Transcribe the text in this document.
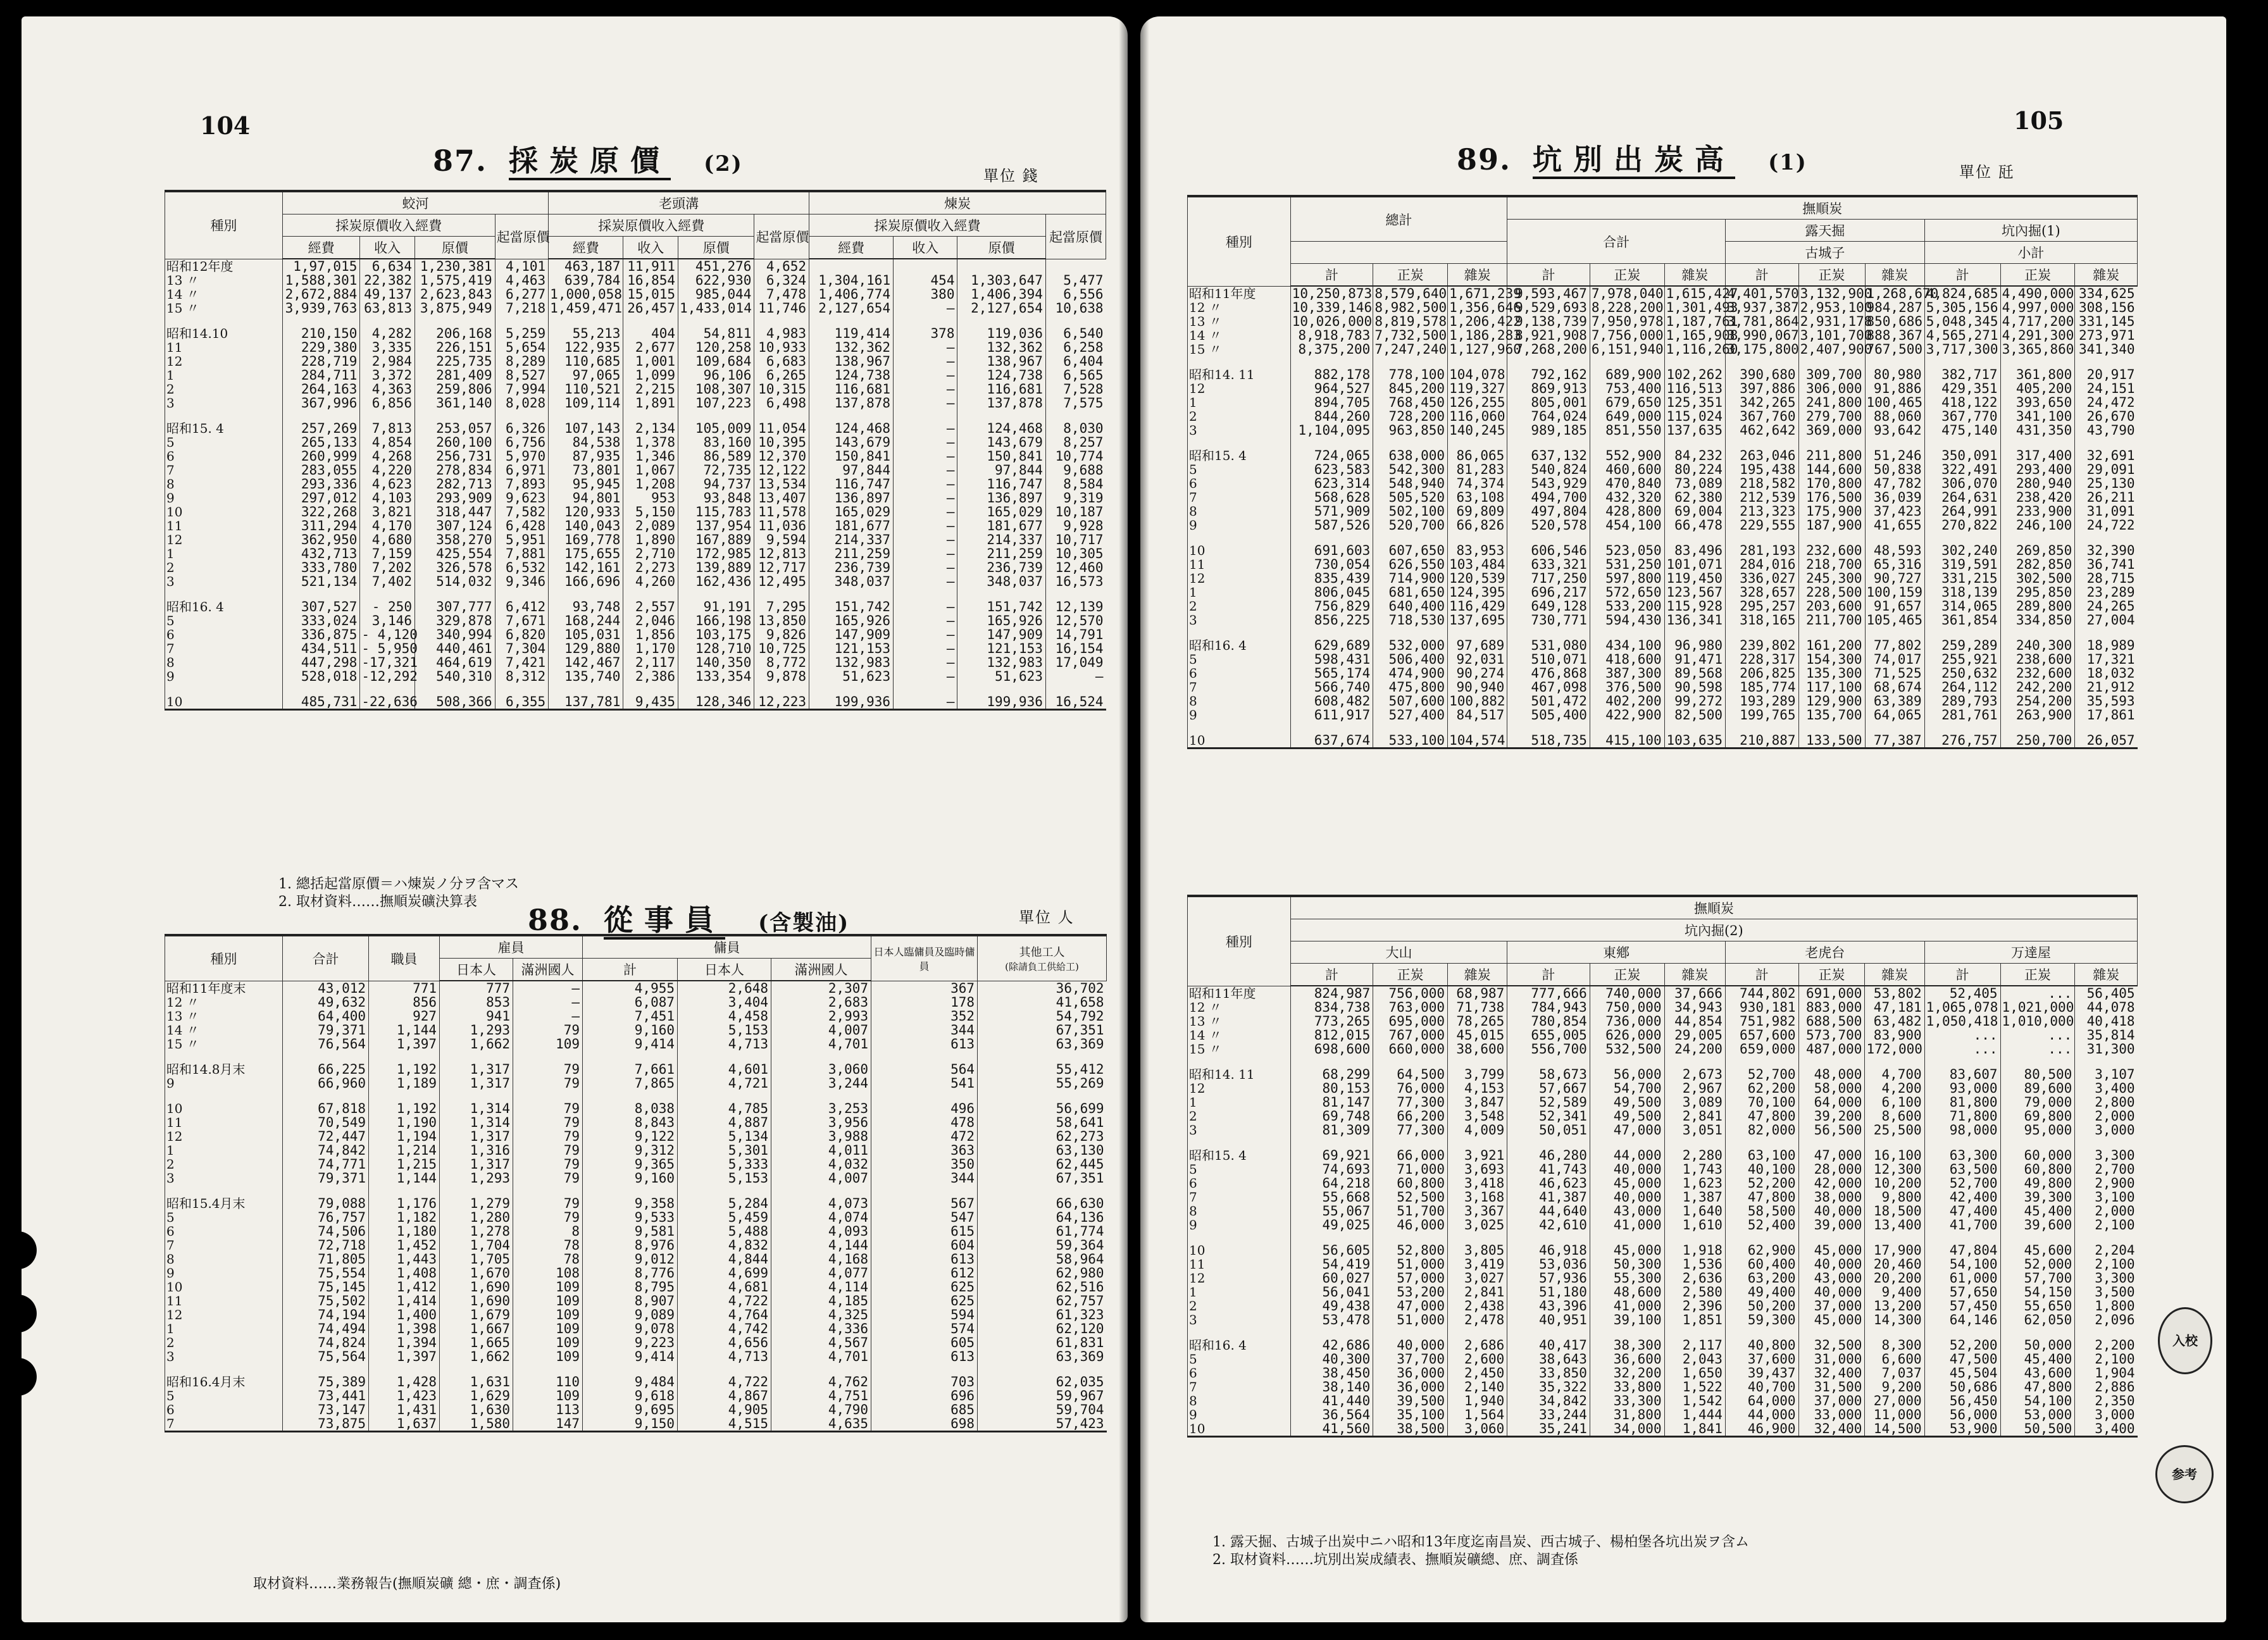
104
87. 採炭原價 (2)	單位 錢
種別	蛟河				老頭溝				煉炭			
	採炭原價收入經費			起當原價	採炭原價收入經費			起當原價	採炭原價收入經費			起當原價
	經費	收入	原價		經費	收入	原價		經費	收入	原價	
昭和12年度	1,97,015	6,634	1,230,381	4,101	463,187	11,911	451,276	4,652				
13 〃	1,588,301	22,382	1,575,419	4,463	639,784	16,854	622,930	6,324	1,304,161	454	1,303,647	5,477
14 〃	2,672,884	49,137	2,623,843	6,277	1,000,058	15,015	985,044	7,478	1,406,774	380	1,406,394	6,556
15 〃	3,939,763	63,813	3,875,949	7,218	1,459,471	26,457	1,433,014	11,746	2,127,654	—	2,127,654	10,638
昭和14.10	210,150	4,282	206,168	5,259	55,213	404	54,811	4,983	119,414	378	119,036	6,540
11	229,380	3,335	226,151	5,654	122,935	2,677	120,258	10,933	132,362	—	132,362	6,258
12	228,719	2,984	225,735	8,289	110,685	1,001	109,684	6,683	138,967	—	138,967	6,404
1	284,711	3,372	281,409	8,527	97,065	1,099	96,106	6,265	124,738	—	124,738	6,565
2	264,163	4,363	259,806	7,994	110,521	2,215	108,307	10,315	116,681	—	116,681	7,528
3	367,996	6,856	361,140	8,028	109,114	1,891	107,223	6,498	137,878	—	137,878	7,575
昭和15. 4	257,269	7,813	253,057	6,326	107,143	2,134	105,009	11,054	124,468	—	124,468	8,030
5	265,133	4,854	260,100	6,756	84,538	1,378	83,160	10,395	143,679	—	143,679	8,257
6	260,999	4,268	256,731	5,970	87,935	1,346	86,589	12,370	150,841	—	150,841	10,774
7	283,055	4,220	278,834	6,971	73,801	1,067	72,735	12,122	97,844	—	97,844	9,688
8	293,336	4,623	282,713	7,893	95,945	1,208	94,737	13,534	116,747	—	116,747	8,584
9	297,012	4,103	293,909	9,623	94,801	953	93,848	13,407	136,897	—	136,897	9,319
10	322,268	3,821	318,447	7,582	120,933	5,150	115,783	11,578	165,029	—	165,029	10,187
11	311,294	4,170	307,124	6,428	140,043	2,089	137,954	11,036	181,677	—	181,677	9,928
12	362,950	4,680	358,270	5,951	169,778	1,890	167,889	9,594	214,337	—	214,337	10,717
1	432,713	7,159	425,554	7,881	175,655	2,710	172,985	12,813	211,259	—	211,259	10,305
2	333,780	7,202	326,578	6,532	142,161	2,273	139,889	12,717	236,739	—	236,739	12,460
3	521,134	7,402	514,032	9,346	166,696	4,260	162,436	12,495	348,037	—	348,037	16,573
昭和16. 4	307,527	- 250	307,777	6,412	93,748	2,557	91,191	7,295	151,742	—	151,742	12,139
5	333,024	3,146	329,878	7,671	168,244	2,046	166,198	13,850	165,926	—	165,926	12,570
6	336,875	- 4,120	340,994	6,820	105,031	1,856	103,175	9,826	147,909	—	147,909	14,791
7	434,511	- 5,950	440,461	7,304	129,880	1,170	128,710	10,725	121,153	—	121,153	16,154
8	447,298	-17,321	464,619	7,421	142,467	2,117	140,350	8,772	132,983	—	132,983	17,049
9	528,018	-12,292	540,310	8,312	135,740	2,386	133,354	9,878	51,623	—	51,623	—
10	485,731	-22,636	508,366	6,355	137,781	9,435	128,346	12,223	199,936	—	199,936	16,524
1. 總括起當原價＝ハ煉炭ノ分ヲ含マス
2. 取材資料……撫順炭礦決算表
88. 從事員 (含製油)	單位 人
種別	合計	職員	雇員		傭員			日本人臨傭員及臨時傭員	其他工人
(除請負工供給工)

			日本人	滿洲國人	計	日本人	滿洲國人		
昭和11年度末	43,012	771	777	—	4,955	2,648	2,307	367	36,702
12 〃	49,632	856	853	—	6,087	3,404	2,683	178	41,658
13 〃	64,400	927	941	—	7,451	4,458	2,993	352	54,792
14 〃	79,371	1,144	1,293	79	9,160	5,153	4,007	344	67,351
15 〃	76,564	1,397	1,662	109	9,414	4,713	4,701	613	63,369
昭和14.8月末	66,225	1,192	1,317	79	7,661	4,601	3,060	564	55,412
9	66,960	1,189	1,317	79	7,865	4,721	3,244	541	55,269
10	67,818	1,192	1,314	79	8,038	4,785	3,253	496	56,699
11	70,549	1,190	1,314	79	8,843	4,887	3,956	478	58,641
12	72,447	1,194	1,317	79	9,122	5,134	3,988	472	62,273
1	74,842	1,214	1,316	79	9,312	5,301	4,011	363	63,130
2	74,771	1,215	1,317	79	9,365	5,333	4,032	350	62,445
3	79,371	1,144	1,293	79	9,160	5,153	4,007	344	67,351
昭和15.4月末	79,088	1,176	1,279	79	9,358	5,284	4,073	567	66,630
5	76,757	1,182	1,280	79	9,533	5,459	4,074	547	64,136
6	74,506	1,180	1,278	8	9,581	5,488	4,093	615	61,774
7	72,718	1,452	1,704	78	8,976	4,832	4,144	604	59,364
8	71,805	1,443	1,705	78	9,012	4,844	4,168	613	58,964
9	75,554	1,408	1,670	108	8,776	4,699	4,077	612	62,980
10	75,145	1,412	1,690	109	8,795	4,681	4,114	625	62,516
11	75,502	1,414	1,690	109	8,907	4,722	4,185	625	62,757
12	74,194	1,400	1,679	109	9,089	4,764	4,325	594	61,323
1	74,494	1,398	1,667	109	9,078	4,742	4,336	574	62,120
2	74,824	1,394	1,665	109	9,223	4,656	4,567	605	61,831
3	75,564	1,397	1,662	109	9,414	4,713	4,701	613	63,369
昭和16.4月末	75,389	1,428	1,631	110	9,484	4,722	4,762	703	62,035
5	73,441	1,423	1,629	109	9,618	4,867	4,751	696	59,967
6	73,147	1,431	1,630	113	9,695	4,905	4,790	685	59,704
7	73,875	1,637	1,580	147	9,150	4,515	4,635	698	57,423
取材資料……業務報告(撫順炭礦 總・庶・調査係)
105
89. 坑別出炭高 (1)	單位 瓩
種別	總計			撫順炭								
				合計			露天掘			坑內掘(1)		
							古城子			小計		
	計	正炭	雜炭	計	正炭	雜炭	計	正炭	雜炭	計	正炭	雜炭
昭和11年度	10,250,873	8,579,640	1,671,239	9,593,467	7,978,040	1,615,427	4,401,570	3,132,900	1,268,670	4,824,685	4,490,000	334,625
12 〃	10,339,146	8,982,500	1,356,646	9,529,693	8,228,200	1,301,493	3,937,387	2,953,100	984,287	5,305,156	4,997,000	308,156
13 〃	10,026,000	8,819,578	1,206,422	9,138,739	7,950,978	1,187,761	3,781,864	2,931,178	850,686	5,048,345	4,717,200	331,145
14 〃	8,918,783	7,732,500	1,186,283	8,921,908	7,756,000	1,165,908	3,990,067	3,101,700	888,367	4,565,271	4,291,300	273,971
15 〃	8,375,200	7,247,240	1,127,960	7,268,200	6,151,940	1,116,260	3,175,800	2,407,900	767,500	3,717,300	3,365,860	341,340
昭和14. 11	882,178	778,100	104,078	792,162	689,900	102,262	390,680	309,700	80,980	382,717	361,800	20,917
12	964,527	845,200	119,327	869,913	753,400	116,513	397,886	306,000	91,886	429,351	405,200	24,151
1	894,705	768,450	126,255	805,001	679,650	125,351	342,265	241,800	100,465	418,122	393,650	24,472
2	844,260	728,200	116,060	764,024	649,000	115,024	367,760	279,700	88,060	367,770	341,100	26,670
3	1,104,095	963,850	140,245	989,185	851,550	137,635	462,642	369,000	93,642	475,140	431,350	43,790
昭和15. 4	724,065	638,000	86,065	637,132	552,900	84,232	263,046	211,800	51,246	350,091	317,400	32,691
5	623,583	542,300	81,283	540,824	460,600	80,224	195,438	144,600	50,838	322,491	293,400	29,091
6	623,314	548,940	74,374	543,929	470,840	73,089	218,582	170,800	47,782	306,070	280,940	25,130
7	568,628	505,520	63,108	494,700	432,320	62,380	212,539	176,500	36,039	264,631	238,420	26,211
8	571,909	502,100	69,809	497,804	428,800	69,004	213,323	175,900	37,423	264,991	233,900	31,091
9	587,526	520,700	66,826	520,578	454,100	66,478	229,555	187,900	41,655	270,822	246,100	24,722
10	691,603	607,650	83,953	606,546	523,050	83,496	281,193	232,600	48,593	302,240	269,850	32,390
11	730,054	626,550	103,484	633,321	531,250	101,071	284,016	218,700	65,316	319,591	282,850	36,741
12	835,439	714,900	120,539	717,250	597,800	119,450	336,027	245,300	90,727	331,215	302,500	28,715
1	806,045	681,650	124,395	696,217	572,650	123,567	328,657	228,500	100,159	318,139	295,850	23,289
2	756,829	640,400	116,429	649,128	533,200	115,928	295,257	203,600	91,657	314,065	289,800	24,265
3	856,225	718,530	137,695	730,771	594,430	136,341	318,165	211,700	105,465	361,854	334,850	27,004
昭和16. 4	629,689	532,000	97,689	531,080	434,100	96,980	239,802	161,200	77,802	259,289	240,300	18,989
5	598,431	506,400	92,031	510,071	418,600	91,471	228,317	154,300	74,017	255,921	238,600	17,321
6	565,174	474,900	90,274	476,868	387,300	89,568	206,825	135,300	71,525	250,632	232,600	18,032
7	566,740	475,800	90,940	467,098	376,500	90,598	185,774	117,100	68,674	264,112	242,200	21,912
8	608,482	507,600	100,882	501,472	402,200	99,272	193,289	129,900	63,389	289,793	254,200	35,593
9	611,917	527,400	84,517	505,400	422,900	82,500	199,765	135,700	64,065	281,761	263,900	17,861
10	637,674	533,100	104,574	518,735	415,100	103,635	210,887	133,500	77,387	276,757	250,700	26,057
種別	撫順炭											
	坑內掘(2)											
	大山			東鄕			老虎台			万達屋		
	計	正炭	雜炭	計	正炭	雜炭	計	正炭	雜炭	計	正炭	雜炭
昭和11年度	824,987	756,000	68,987	777,666	740,000	37,666	744,802	691,000	53,802	52,405	...	56,405
12 〃	834,738	763,000	71,738	784,943	750,000	34,943	930,181	883,000	47,181	1,065,078	1,021,000	44,078
13 〃	773,265	695,000	78,265	780,854	736,000	44,854	751,982	688,500	63,482	1,050,418	1,010,000	40,418
14 〃	812,015	767,000	45,015	655,005	626,000	29,005	657,600	573,700	83,900	...	...	35,814
15 〃	698,600	660,000	38,600	556,700	532,500	24,200	659,000	487,000	172,000	...	...	31,300
昭和14. 11	68,299	64,500	3,799	58,673	56,000	2,673	52,700	48,000	4,700	83,607	80,500	3,107
12	80,153	76,000	4,153	57,667	54,700	2,967	62,200	58,000	4,200	93,000	89,600	3,400
1	81,147	77,300	3,847	52,589	49,500	3,089	70,100	64,000	6,100	81,800	79,000	2,800
2	69,748	66,200	3,548	52,341	49,500	2,841	47,800	39,200	8,600	71,800	69,800	2,000
3	81,309	77,300	4,009	50,051	47,000	3,051	82,000	56,500	25,500	98,000	95,000	3,000
昭和15. 4	69,921	66,000	3,921	46,280	44,000	2,280	63,100	47,000	16,100	63,300	60,000	3,300
5	74,693	71,000	3,693	41,743	40,000	1,743	40,100	28,000	12,300	63,500	60,800	2,700
6	64,218	60,800	3,418	46,623	45,000	1,623	52,200	42,000	10,200	52,700	49,800	2,900
7	55,668	52,500	3,168	41,387	40,000	1,387	47,800	38,000	9,800	42,400	39,300	3,100
8	55,067	51,700	3,367	44,640	43,000	1,640	58,500	40,000	18,500	47,400	45,400	2,000
9	49,025	46,000	3,025	42,610	41,000	1,610	52,400	39,000	13,400	41,700	39,600	2,100
10	56,605	52,800	3,805	46,918	45,000	1,918	62,900	45,000	17,900	47,804	45,600	2,204
11	54,419	51,000	3,419	53,036	50,300	1,536	60,400	40,000	20,460	54,100	52,000	2,100
12	60,027	57,000	3,027	57,936	55,300	2,636	63,200	43,000	20,200	61,000	57,700	3,300
1	56,041	53,200	2,841	51,180	48,600	2,580	49,400	40,000	9,400	57,650	54,150	3,500
2	49,438	47,000	2,438	43,396	41,000	2,396	50,200	37,000	13,200	57,450	55,650	1,800
3	53,478	51,000	2,478	40,951	39,100	1,851	59,300	45,000	14,300	64,146	62,050	2,096
昭和16. 4	42,686	40,000	2,686	40,417	38,300	2,117	40,800	32,500	8,300	52,200	50,000	2,200
5	40,300	37,700	2,600	38,643	36,600	2,043	37,600	31,000	6,600	47,500	45,400	2,100
6	38,450	36,000	2,450	33,850	32,200	1,650	39,437	32,400	7,037	45,504	43,600	1,904
7	38,140	36,000	2,140	35,322	33,800	1,522	40,700	31,500	9,200	50,686	47,800	2,886
8	41,440	39,500	1,940	34,842	33,300	1,542	64,000	37,000	27,000	56,450	54,100	2,350
9	36,564	35,100	1,564	33,244	31,800	1,444	44,000	33,000	11,000	56,000	53,000	3,000
10	41,560	38,500	3,060	35,241	34,000	1,841	46,900	32,400	14,500	53,900	50,500	3,400
1. 露天掘、古城子出炭中ニハ昭和13年度迄南昌炭、西古城子、楊柏堡各坑出炭ヲ含ム
2. 取材資料……坑別出炭成績表、撫順炭礦總、庶、調査係
入校
参考
